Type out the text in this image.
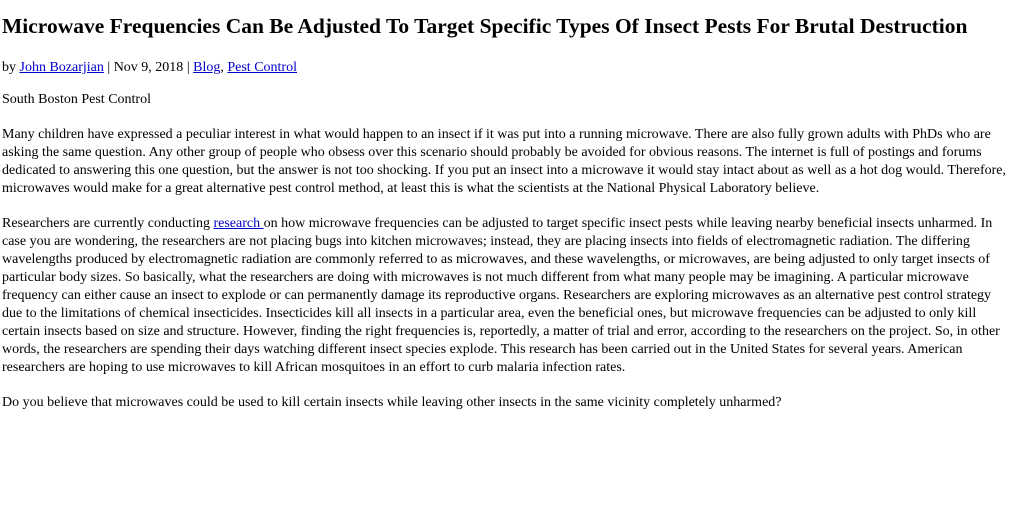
Microwave Frequencies Can Be Adjusted To Target Specific Types Of Insect Pests For Brutal Destruction
by John Bozarjian | Nov 9, 2018 | Blog, Pest Control

South Boston Pest Control

Many children have expressed a peculiar interest in what would happen to an insect if it was put into a running microwave. There are also fully grown adults with PhDs who are asking the same question. Any other group of people who obsess over this scenario should probably be avoided for obvious reasons. The internet is full of postings and forums dedicated to answering this one question, but the answer is not too shocking. If you put an insect into a microwave it would stay intact about as well as a hot dog would. Therefore, microwaves would make for a great alternative pest control method, at least this is what the scientists at the National Physical Laboratory believe.

Researchers are currently conducting research on how microwave frequencies can be adjusted to target specific insect pests while leaving nearby beneficial insects unharmed. In case you are wondering, the researchers are not placing bugs into kitchen microwaves; instead, they are placing insects into fields of electromagnetic radiation. The differing wavelengths produced by electromagnetic radiation are commonly referred to as microwaves, and these wavelengths, or microwaves, are being adjusted to only target insects of particular body sizes. So basically, what the researchers are doing with microwaves is not much different from what many people may be imagining. A particular microwave frequency can either cause an insect to explode or can permanently damage its reproductive organs. Researchers are exploring microwaves as an alternative pest control strategy due to the limitations of chemical insecticides. Insecticides kill all insects in a particular area, even the beneficial ones, but microwave frequencies can be adjusted to only kill certain insects based on size and structure. However, finding the right frequencies is, reportedly, a matter of trial and error, according to the researchers on the project. So, in other words, the researchers are spending their days watching different insect species explode. This research has been carried out in the United States for several years. American researchers are hoping to use microwaves to kill African mosquitoes in an effort to curb malaria infection rates.

Do you believe that microwaves could be used to kill certain insects while leaving other insects in the same vicinity completely unharmed?
